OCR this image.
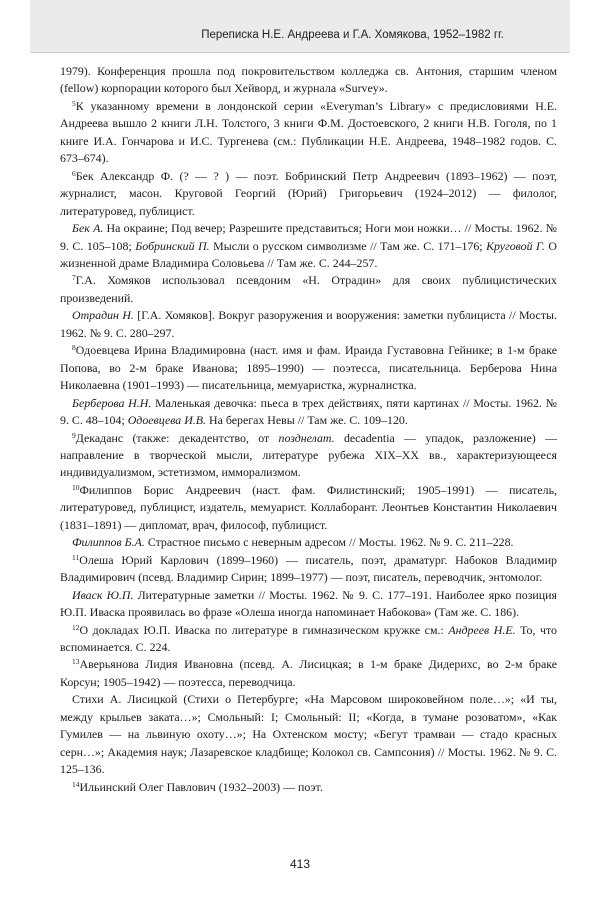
Переписка Н.Е. Андреева и Г.А. Хомякова, 1952–1982 гг.

1979). Конференция прошла под покровительством колледжа св. Антония, старшим членом (fellow) корпорации которого был Хейворд, и журнала «Survey».

$^5$К указанному времени в лондонской серии «Everyman’s Library» с предисловиями Н.Е. Андреева вышло 2 книги Л.Н. Толстого, 3 книги Ф.М. Достоевского, 2 книги Н.В. Гоголя, по 1 книге И.А. Гончарова и И.С. Тургенева (см.: Публикации Н.Е. Андреева, 1948–1982 годов. С. 673–674).

$^6$Бек Александр Ф. (? — ? ) — поэт. Бобринский Петр Андреевич (1893–1962) — поэт, журналист, масон. Круговой Георгий (Юрий) Григорьевич (1924–2012) — филолог, литературовед, публицист.

Бек А. На окраине; Под вечер; Разрешите представиться; Ноги мои ножки… // Мосты. 1962. № 9. С. 105–108; Бобринский П. Мысли о русском символизме // Там же. С. 171–176; Круговой Г. О жизненной драме Владимира Соловьева // Там же. С. 244–257.

$^7$Г.А. Хомяков использовал псевдоним «Н. Отрадин» для своих публицистических произведений.

Отрадин Н. [Г.А. Хомяков]. Вокруг разоружения и вооружения: заметки публициста // Мосты. 1962. № 9. С. 280–297.

$^8$Одоевцева Ирина Владимировна (наст. имя и фам. Ираида Густавовна Гейнике; в 1-м браке Попова, во 2-м браке Иванова; 1895–1990) — поэтесса, писательница. Берберова Нина Николаевна (1901–1993) — писательница, мемуаристка, журналистка.

Берберова Н.Н. Маленькая девочка: пьеса в трех действиях, пяти картинах // Мосты. 1962. № 9. С. 48–104; Одоевцева И.В. На берегах Невы // Там же. С. 109–120.

$^9$Декаданс (также: декадентство, от позднелат. decadentia — упадок, разложение) — направление в творческой мысли, литературе рубежа XIX–XX вв., характеризующееся индивидуализмом, эстетизмом, имморализмом.

$^{10}$Филиппов Борис Андреевич (наст. фам. Филистинский; 1905–1991) — писатель, литературовед, публицист, издатель, мемуарист. Коллаборант. Леонтьев Константин Николаевич (1831–1891) — дипломат, врач, философ, публицист.

Филиппов Б.А. Страстное письмо с неверным адресом // Мосты. 1962. № 9. С. 211–228.

$^{11}$Олеша Юрий Карлович (1899–1960) — писатель, поэт, драматург. Набоков Владимир Владимирович (псевд. Владимир Сирин; 1899–1977) — поэт, писатель, переводчик, энтомолог.

Иваск Ю.П. Литературные заметки // Мосты. 1962. № 9. С. 177–191. Наиболее ярко позиция Ю.П. Иваска проявилась во фразе «Олеша иногда напоминает Набокова» (Там же. С. 186).

$^{12}$О докладах Ю.П. Иваска по литературе в гимназическом кружке см.: Андреев Н.Е. То, что вспоминается. С. 224.

$^{13}$Аверьянова Лидия Ивановна (псевд. А. Лисицкая; в 1-м браке Дидерихс, во 2-м браке Корсун; 1905–1942) — поэтесса, переводчица.

Стихи А. Лисицкой (Стихи о Петербурге; «На Марсовом широковейном поле…»; «И ты, между крыльев заката…»; Смольный: I; Смольный: II; «Когда, в тумане розоватом», «Как Гумилев — на львиную охоту…»; На Охтенском мосту; «Бегут трамваи — стадо красных серн…»; Академия наук; Лазаревское кладбище; Колокол св. Сампсония) // Мосты. 1962. № 9. С. 125–136.

$^{14}$Ильинский Олег Павлович (1932–2003) — поэт.

413
